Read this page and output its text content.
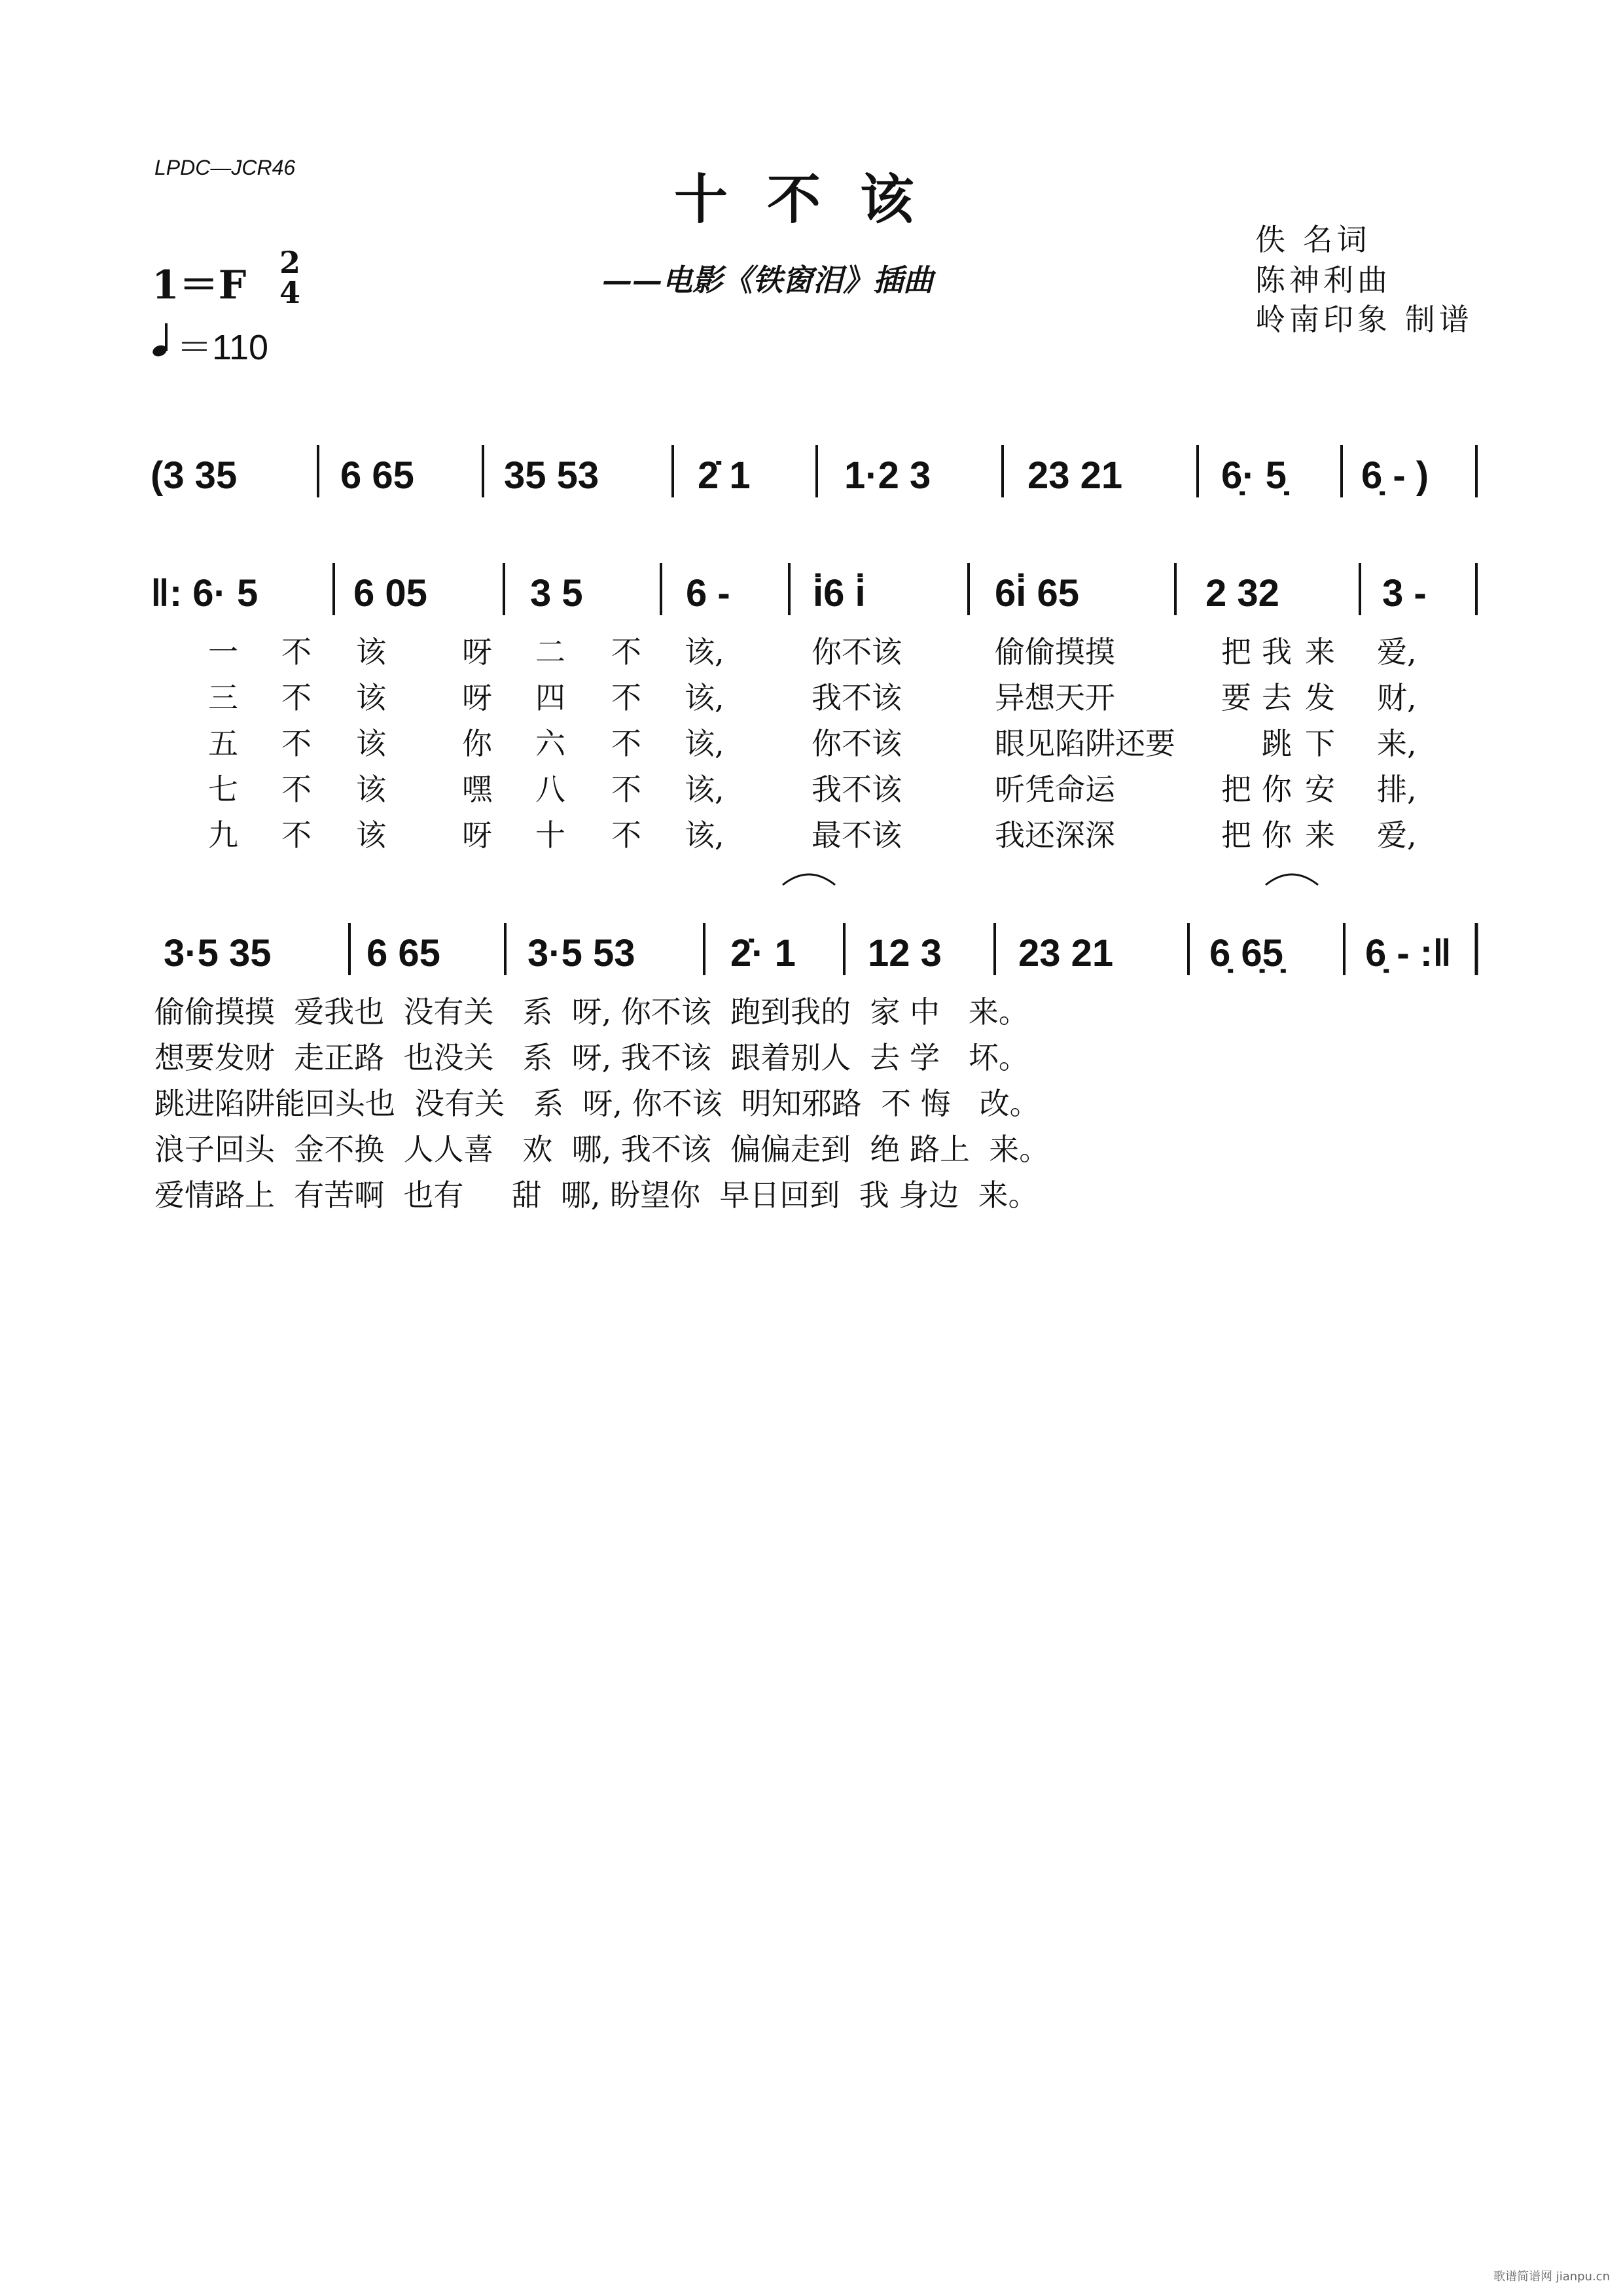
LPDC—JCR46
十不该
——电影《铁窗泪》插曲
佚 名词
陈神利曲
岭南印象 制谱
1＝F 2
4
＝110
(3 35	6 65 35 53	2̇ 1 1·2 3	23 21	6̣· 5̣ 6̣ - )
‖: 6· 5	6 05	3 5	6 - i̇6 i̇	6i̇ 65	2 32	3 -
3·5 35	6 65 3·5 53	2̇· 1 12 3 23 21	6̣ 6̣5̣ 6̣ - :‖
一 不 该	呀 二 不 该,	你不该	偷偷摸摸	把 我 来 爱,
三 不 该	呀 四 不 该,	我不该	异想天开	要 去 发 财,
五 不 该	你 六 不 该,	你不该	眼见陷阱还要	跳 下 来,
七 不 该	嘿 八 不 该,	我不该	听凭命运	把 你 安 排,
九 不 该	呀 十 不 该,	最不该	我还深深	把 你 来 爱,
偷偷摸摸  爱我也  没有关   系  呀, 你不该  跑到我的  家 中   来。
想要发财  走正路  也没关   系  呀, 我不该  跟着别人  去 学   坏。
跳进陷阱能回头也  没有关   系  呀, 你不该  明知邪路  不 悔   改。
浪子回头  金不换  人人喜   欢  哪, 我不该  偏偏走到  绝 路上  来。
爱情路上  有苦啊  也有     甜  哪, 盼望你  早日回到  我 身边  来。
歌谱简谱网 jianpu.cn
